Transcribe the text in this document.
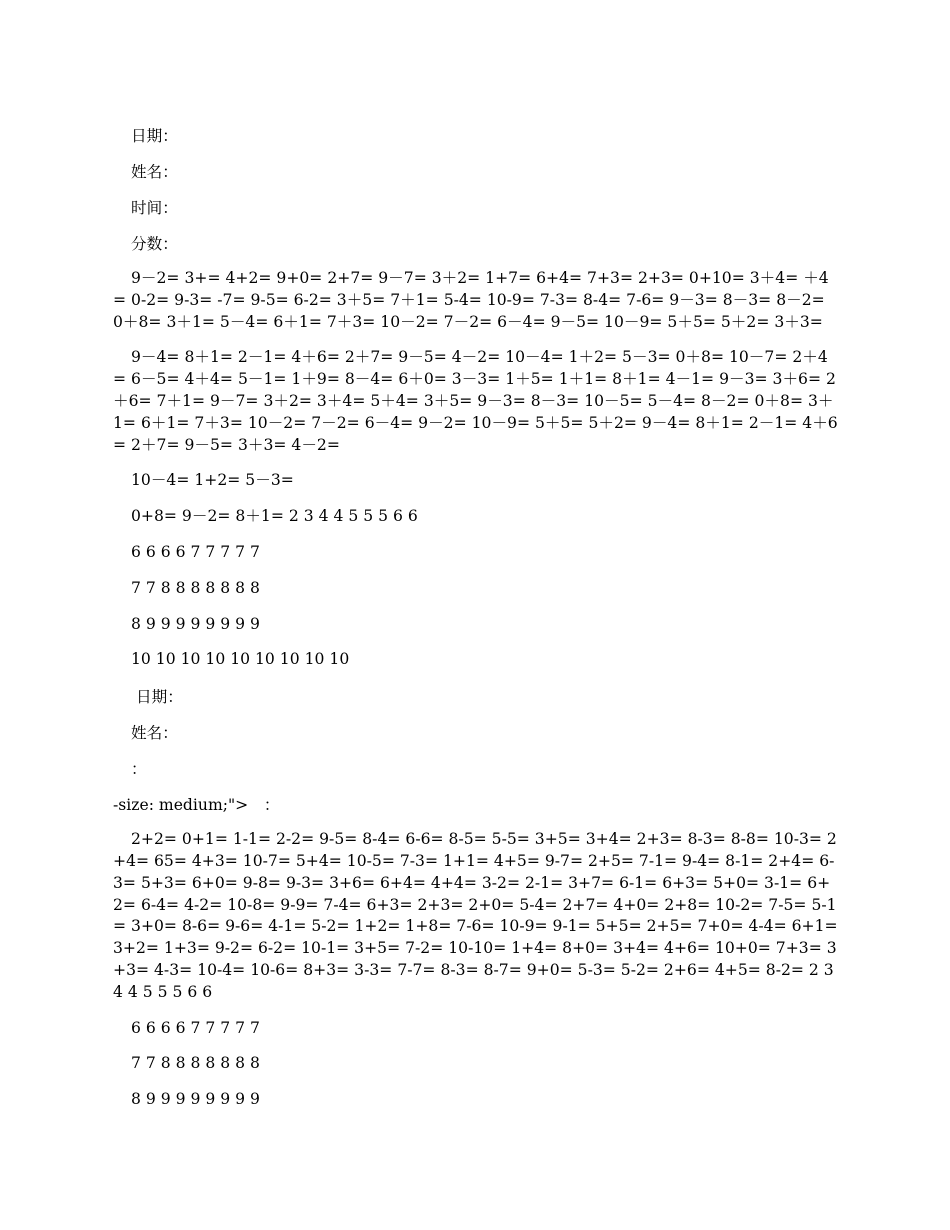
日期：

姓名：

时间：

分数：

9－2= 3+= 4+2= 9+0= 2+7= 9－7= 3＋2= 1+7= 6+4= 7+3= 2+3= 0+10= 3＋4= ＋4= 0-2= 9-3= -7= 9-5= 6-2= 3＋5= 7＋1= 5-4= 10-9= 7-3= 8-4= 7-6= 9－3= 8－3= 8－2= 0＋8= 3＋1= 5－4= 6＋1= 7＋3= 10－2= 7－2= 6－4= 9－5= 10－9= 5＋5= 5＋2= 3＋3=

9－4= 8＋1= 2－1= 4＋6= 2＋7= 9－5= 4－2= 10－4= 1＋2= 5－3= 0＋8= 10－7= 2＋4= 6－5= 4＋4= 5－1= 1＋9= 8－4= 6＋0= 3－3= 1＋5= 1＋1= 8＋1= 4－1= 9－3= 3＋6= 2＋6= 7＋1= 9－7= 3＋2= 3＋4= 5＋4= 3＋5= 9－3= 8－3= 10－5= 5－4= 8－2= 0＋8= 3＋1= 6＋1= 7＋3= 10－2= 7－2= 6－4= 9－2= 10－9= 5＋5= 5＋2= 9－4= 8＋1= 2－1= 4＋6= 2＋7= 9－5= 3＋3= 4－2=

10－4= 1+2= 5－3=

0+8= 9－2= 8＋1= 2 3 4 4 5 5 5 6 6

6 6 6 6 7 7 7 7 7

7 7 8 8 8 8 8 8 8

8 9 9 9 9 9 9 9 9

10 10 10 10 10 10 10 10 10

日期：

姓名：

：

-size: medium;">　：

2+2= 0+1= 1-1= 2-2= 9-5= 8-4= 6-6= 8-5= 5-5= 3+5= 3+4= 2+3= 8-3= 8-8= 10-3= 2+4= 65= 4+3= 10-7= 5+4= 10-5= 7-3= 1+1= 4+5= 9-7= 2+5= 7-1= 9-4= 8-1= 2+4= 6-3= 5+3= 6+0= 9-8= 9-3= 3+6= 6+4= 4+4= 3-2= 2-1= 3+7= 6-1= 6+3= 5+0= 3-1= 6+2= 6-4= 4-2= 10-8= 9-9= 7-4= 6+3= 2+3= 2+0= 5-4= 2+7= 4+0= 2+8= 10-2= 7-5= 5-1= 3+0= 8-6= 9-6= 4-1= 5-2= 1+2= 1+8= 7-6= 10-9= 9-1= 5+5= 2+5= 7+0= 4-4= 6+1= 3+2= 1+3= 9-2= 6-2= 10-1= 3+5= 7-2= 10-10= 1+4= 8+0= 3+4= 4+6= 10+0= 7+3= 3+3= 4-3= 10-4= 10-6= 8+3= 3-3= 7-7= 8-3= 8-7= 9+0= 5-3= 5-2= 2+6= 4+5= 8-2= 2 3 4 4 5 5 5 6 6

6 6 6 6 7 7 7 7 7

7 7 8 8 8 8 8 8 8

8 9 9 9 9 9 9 9 9
